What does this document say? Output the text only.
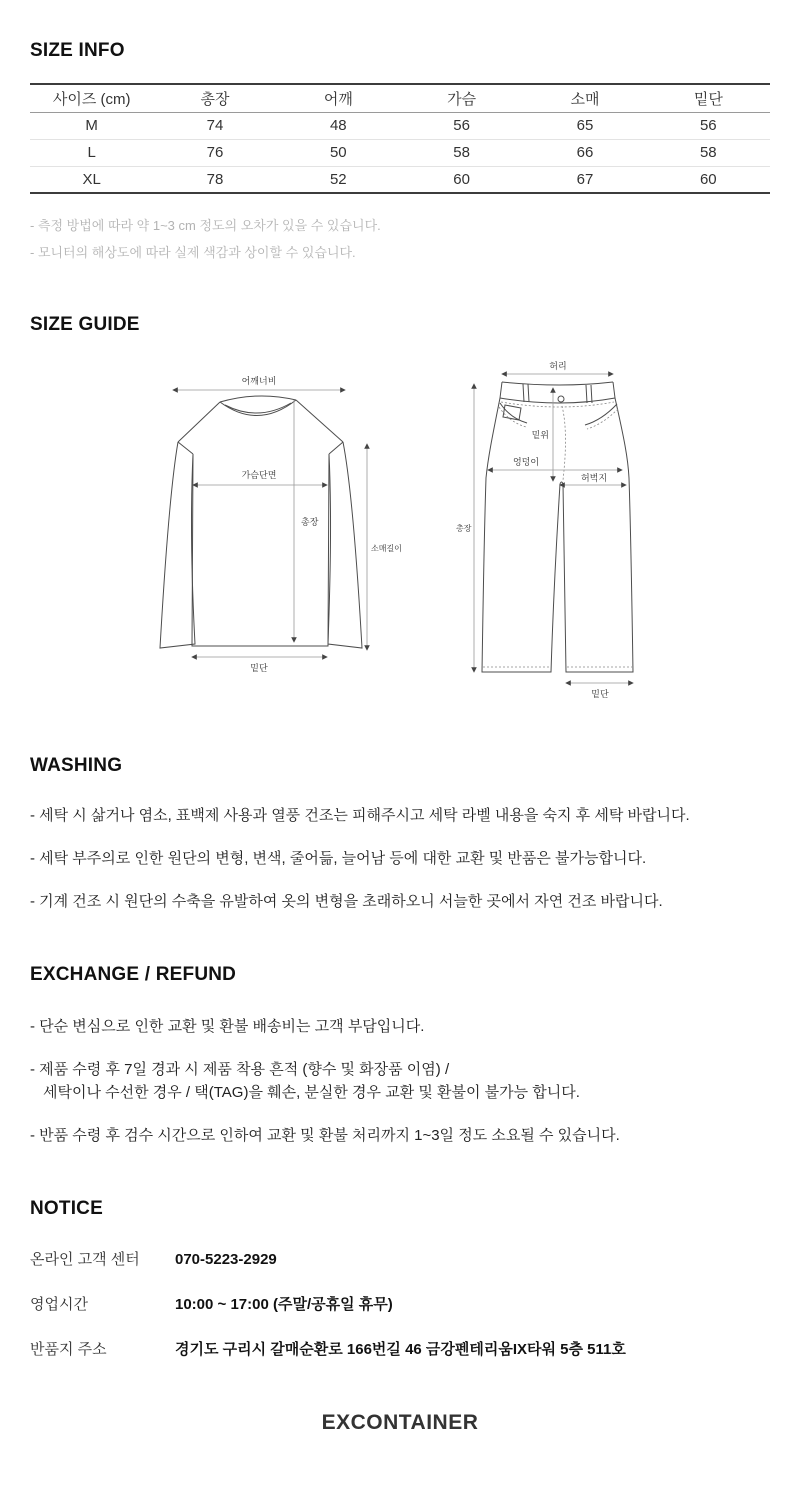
SIZE INFO
사이즈 (cm)	총장	어깨	가슴	소매	밑단
M	74	48	56	65	56
L	76	50	58	66	58
XL	78	52	60	67	60

- 측정 방법에 따라 약 1~3 cm 정도의 오차가 있을 수 있습니다.

- 모니터의 해상도에 따라 실제 색감과 상이할 수 있습니다.

SIZE GUIDE
어깨너비
가슴단면
총장
소매길이
밑단
허리
밑위
엉덩이
허벅지
총장
밑단
WASHING

- 세탁 시 삶거나 염소, 표백제 사용과 열풍 건조는 피해주시고 세탁 라벨 내용을 숙지 후 세탁 바랍니다.

- 세탁 부주의로 인한 원단의 변형, 변색, 줄어듦, 늘어남 등에 대한 교환 및 반품은 불가능합니다.

- 기계 건조 시 원단의 수축을 유발하여 옷의 변형을 초래하오니 서늘한 곳에서 자연 건조 바랍니다.

EXCHANGE / REFUND

- 단순 변심으로 인한 교환 및 환불 배송비는 고객 부담입니다.

- 제품 수령 후 7일 경과 시 제품 착용 흔적 (향수 및 화장품 이염) /

세탁이나 수선한 경우 / 택(TAG)을 훼손, 분실한 경우 교환 및 환불이 불가능 합니다.

- 반품 수령 후 검수 시간으로 인하여 교환 및 환불 처리까지 1~3일 정도 소요될 수 있습니다.

NOTICE
온라인 고객 센터	070-5223-2929
영업시간	10:00 ~ 17:00 (주말/공휴일 휴무)
반품지 주소	경기도 구리시 갈매순환로 166번길 46 금강펜테리움IX타워 5층 511호
EXCONTAINER
